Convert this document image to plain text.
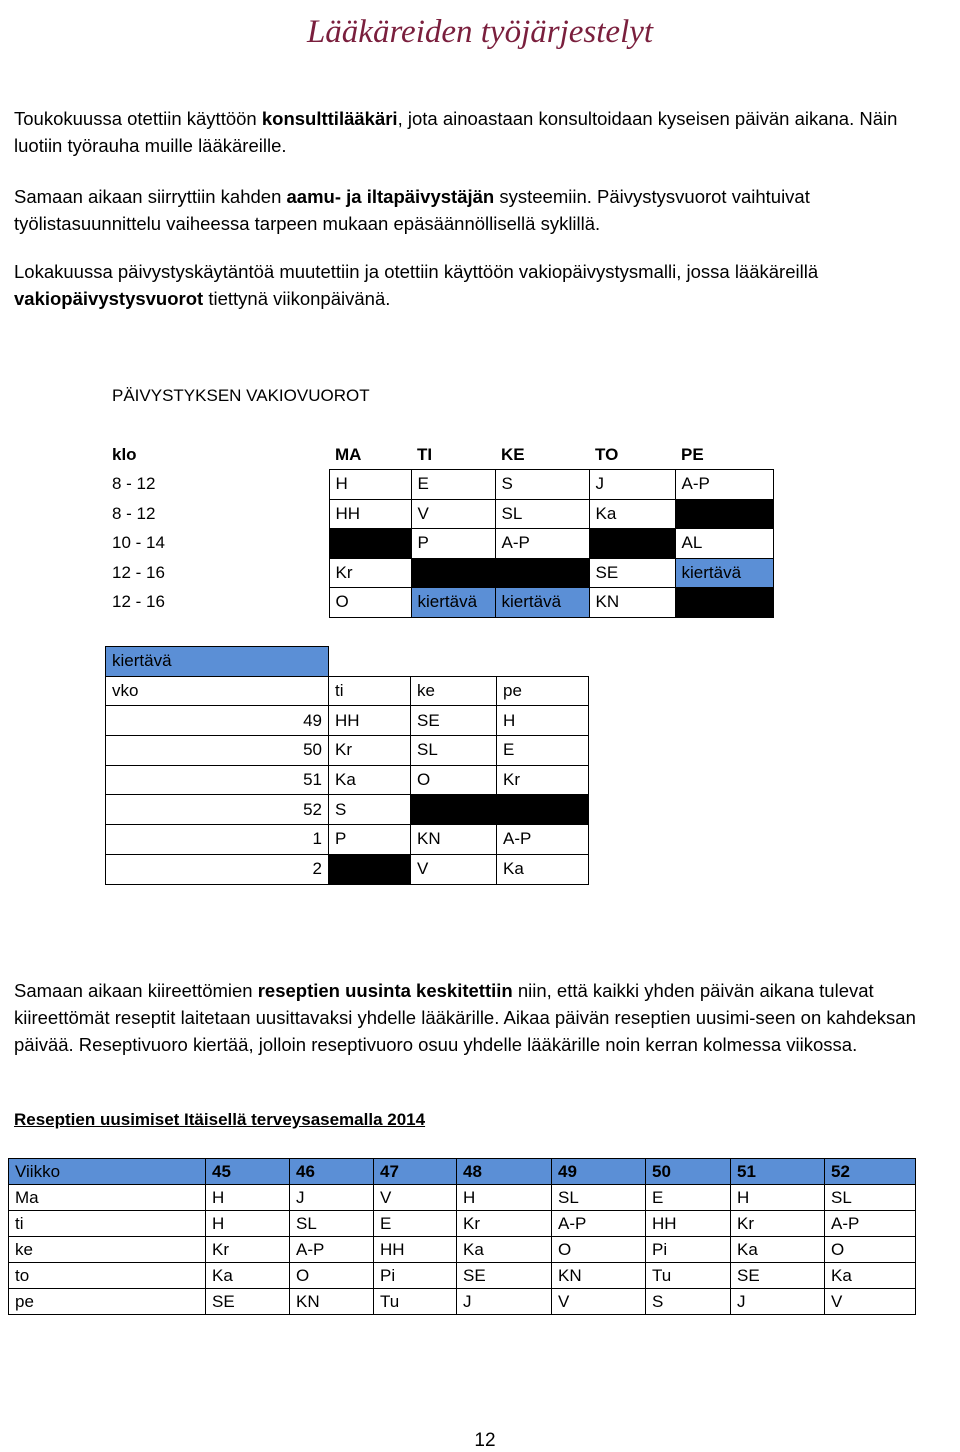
Lääkäreiden työjärjestelyt

Toukokuussa otettiin käyttöön konsulttilääkäri, jota ainoastaan konsultoidaan kyseisen päivän aikana. Näin luotiin työrauha muille lääkäreille.

Samaan aikaan siirryttiin kahden aamu- ja iltapäivystäjän systeemiin. Päivystysvuorot vaihtuivat työlistasuunnittelu vaiheessa tarpeen mukaan epäsäännöllisellä syklillä.

Lokakuussa päivystyskäytäntöä muutettiin ja otettiin käyttöön vakiopäivystysmalli, jossa lääkäreillä vakiopäivystysvuorot tiettynä viikonpäivänä.

PÄIVYSTYKSEN VAKIOVUOROT
klo	MA	TI	KE	TO	PE
8 - 12	H	E	S	J	A-P
8 - 12	HH	V	SL	Ka	
10 - 14		P	A-P		AL
12 - 16	Kr			SE	kiertävä
12 - 16	O	kiertävä	kiertävä	KN	
kiertävä			
vko	ti	ke	pe
49	HH	SE	H
50	Kr	SL	E
51	Ka	O	Kr
52	S		
1	P	KN	A-P
2		V	Ka

Samaan aikaan kiireettömien reseptien uusinta keskitettiin niin, että kaikki yhden päivän aikana tulevat kiireettömät reseptit laitetaan uusittavaksi yhdelle lääkärille. Aikaa päivän reseptien uusimi-seen on kahdeksan päivää. Reseptivuoro kiertää, jolloin reseptivuoro osuu yhdelle lääkärille noin kerran kolmessa viikossa.

Reseptien uusimiset Itäisellä terveysasemalla 2014
Viikko	45	46	47	48	49	50	51	52
Ma	H	J	V	H	SL	E	H	SL
ti	H	SL	E	Kr	A-P	HH	Kr	A-P
ke	Kr	A-P	HH	Ka	O	Pi	Ka	O
to	Ka	O	Pi	SE	KN	Tu	SE	Ka
pe	SE	KN	Tu	J	V	S	J	V
12
